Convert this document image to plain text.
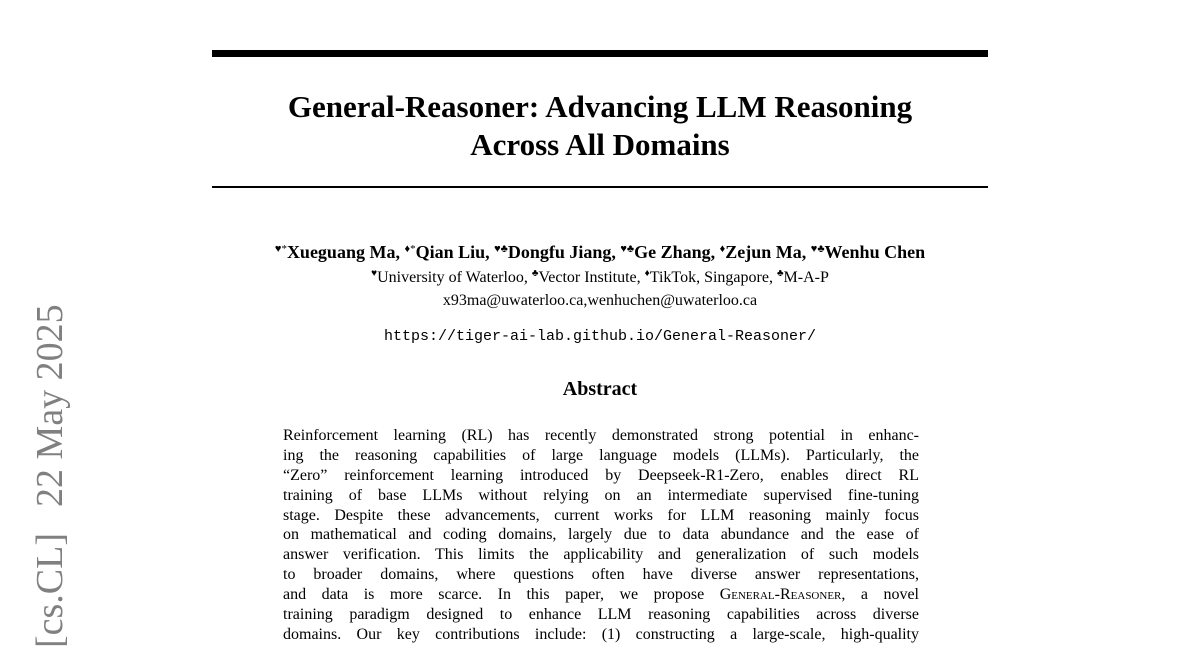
General-Reasoner: Advancing LLM Reasoning
Across All Domains
♥*Xueguang Ma, ♦*Qian Liu, ♥♣Dongfu Jiang, ♥♣Ge Zhang, ♦Zejun Ma, ♥♣Wenhu Chen
♥University of Waterloo, ♣Vector Institute, ♦TikTok, Singapore, ♣M-A-P
x93ma@uwaterloo.ca,wenhuchen@uwaterloo.ca
https://tiger-ai-lab.github.io/General-Reasoner/
Abstract
Reinforcement learning (RL) has recently demonstrated strong potential in enhanc-
ing the reasoning capabilities of large language models (LLMs). Particularly, the
“Zero” reinforcement learning introduced by Deepseek-R1-Zero, enables direct RL
training of base LLMs without relying on an intermediate supervised fine-tuning
stage. Despite these advancements, current works for LLM reasoning mainly focus
on mathematical and coding domains, largely due to data abundance and the ease of
answer verification. This limits the applicability and generalization of such models
to broader domains, where questions often have diverse answer representations,
and data is more scarce. In this paper, we propose General-Reasoner, a novel
training paradigm designed to enhance LLM reasoning capabilities across diverse
domains. Our key contributions include: (1) constructing a large-scale, high-quality
[cs.CL]22 May 2025
